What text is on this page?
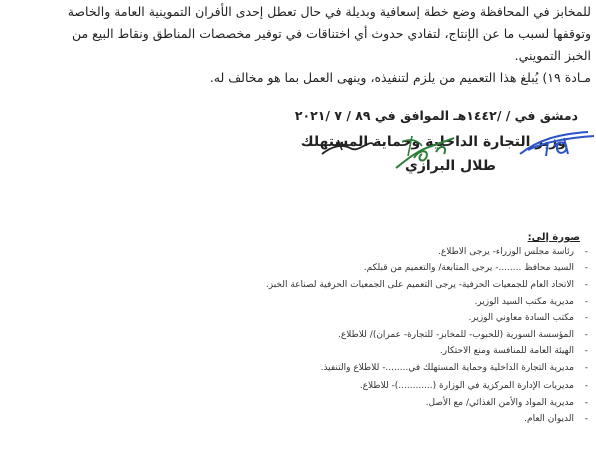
للمخابز في المحافظة وضع خطة إسعافية وبديلة في حال تعطل إحدى الأفران التموينية العامة والخاصة
وتوقفها لسبب ما عن الإنتاج، لتفادي حدوث أي اختناقات في توفير مخصصات المناطق ونقاط البيع من
الخبز التمويني.
مـادة ١٩) يُبلغ هذا التعميم من يلزم لتنفيذه، وينهى العمل بما هو مخالف له.
دمشق في / /١٤٤٢هـ الموافق في ٨٩ / ٧ /٢٠٢١
وزير التجارة الداخلية وحماية المستهلك
طلال البرازي
صورة إلى:
رئاسة مجلس الوزراء- يرجى الاطلاع.
السيد محافظ ........- يرجى المتابعة/ والتعميم من قبلكم.
الاتحاد العام للجمعيات الحرفية- يرجى التعميم على الجمعيات الحرفية لصناعة الخبز.
مديرية مكتب السيد الوزير.
مكتب السادة معاوني الوزير.
المؤسسة السورية (للحبوب- للمخابز- للتجارة- عمران)/ للاطلاع.
الهيئة العامة للمنافسة ومنع الاحتكار.
مديرية التجارة الداخلية وحماية المستهلك في........- للاطلاع والتنفيذ.
مديريات الإدارة المركزية في الوزارة (............)- للاطلاع.
مديرية المواد والأمن الغذائي/ مع الأصل.
الديوان العام.
-
-
-
-
-
-
-
-
-
-
-
